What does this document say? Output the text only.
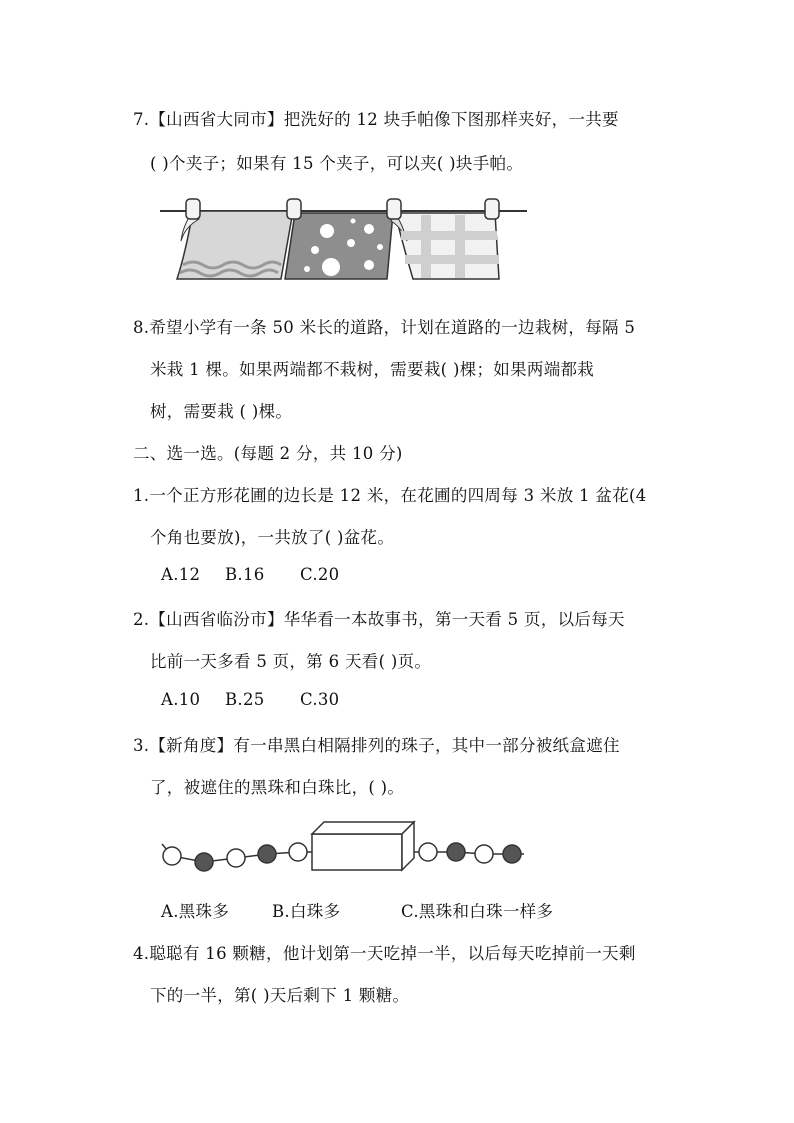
7.【山西省大同市】把洗好的 12 块手帕像下图那样夹好，一共要
( )个夹子；如果有 15 个夹子，可以夹( )块手帕。
8.希望小学有一条 50 米长的道路，计划在道路的一边栽树，每隔 5
米栽 1 棵。如果两端都不栽树，需要栽( )棵；如果两端都栽
树，需要栽 ( )棵。
二、选一选。(每题 2 分，共 10 分)
1.一个正方形花圃的边长是 12 米，在花圃的四周每 3 米放 1 盆花(4
个角也要放)，一共放了( )盆花。
A.12 B.16 C.20
2.【山西省临汾市】华华看一本故事书，第一天看 5 页，以后每天
比前一天多看 5 页，第 6 天看( )页。
A.10 B.25 C.30
3.【新角度】有一串黑白相隔排列的珠子，其中一部分被纸盒遮住
了，被遮住的黑珠和白珠比，( )。
A.黑珠多	B.白珠多	C.黑珠和白珠一样多
4.聪聪有 16 颗糖，他计划第一天吃掉一半，以后每天吃掉前一天剩
下的一半，第( )天后剩下 1 颗糖。
